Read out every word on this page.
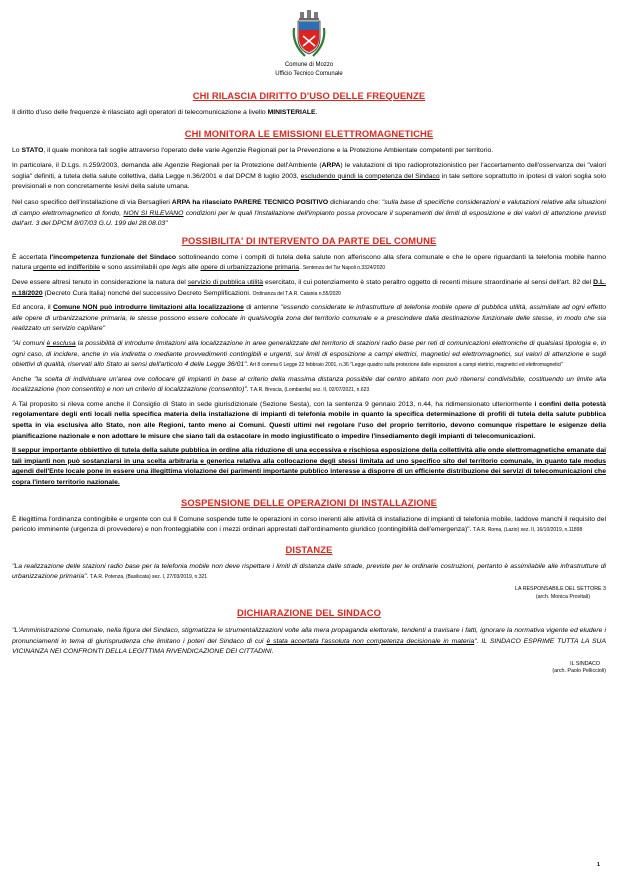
Comune di Mozzo
Ufficio Tecnico Comunale
CHI RILASCIA DIRITTO D'USO DELLE FREQUENZE

Il diritto d'uso delle frequenze è rilasciato agli operatori di telecomunicazione a livello MINISTERIALE.

CHI MONITORA LE EMISSIONI ELETTROMAGNETICHE

Lo STATO, il quale monitora tali soglie attraverso l'operato delle varie Agenzie Regionali per la Prevenzione e la Protezione Ambientale competenti per territorio.

In particolare, il D.Lgs. n.259/2003, demanda alle Agenzie Regionali per la Protezione dell'Ambiente (ARPA) le valutazioni di tipo radioprotezionistico per l'accertamento dell'osservanza dei "valori soglia" definiti, a tutela della salute collettiva, dalla Legge n.36/2001 e dal DPCM 8 luglio 2003, escludendo quindi la competenza del Sindaco in tale settore soprattutto in ipotesi di valori soglia solo previsionali e non concretamente lesivi della salute umana.

Nel caso specifico dell'installazione di via Bersaglieri ARPA ha rilasciato PARERE TECNICO POSITIVO dichiarando che: "sulla base di specifiche considerazioni e valutazioni relative alla situazioni di campo elettromagnetico di fondo, NON SI RILEVANO condizioni per le quali l'installazione dell'impianto possa provocare il superamenti dei limiti di esposizione e dei valori di attenzione previsti dall'art. 3 del DPCM 8/07/03 G.U. 199 del 28.08.03"

POSSIBILITA' DI INTERVENTO DA PARTE DEL COMUNE

È accertata l'incompetenza funzionale del Sindaco sottolineando come i compiti di tutela della salute non afferiscono alla sfera comunale e che le opere riguardanti la telefonia mobile hanno natura urgente ed indifferibile e sono assimilabili ope legis alle opere di urbanizzazione primaria. Sentenza del Tar Napoli n.3324/2020

Deve essere altresì tenuto in considerazione la natura del servizio di pubblica utilità esercitato, il cui potenziamento è stato peraltro oggetto di recenti misure straordinarie al sensi dell'art. 82 del D.L. n.18/2020 (Decreto Cura Italia) nonché del successivo Decreto Semplificazioni. Ordinanza del T.A.R. Catania n.55/2020

Ed ancora, il Comune NON può introdurre limitazioni alla localizzazione di antenne "essendo considerate le infrastrutture di telefonia mobile opere di pubblica utilità, assimilate ad ogni effetto alle opere di urbanizzazione primaria, le stesse possono essere collocate in qualsivoglia zona del territorio comunale e a prescindere dalla destinazione funzionale delle stesse, in modo che sia realizzato un servizio capillare"

"Ai comuni è esclusa la possibilità di introdurre limitazioni alla localizzazione in aree generalizzate del territorio di stazioni radio base per reti di comunicazioni elettroniche di qualsiasi tipologia e, in ogni caso, di incidere, anche in via indiretta o mediante provvedimenti contingibili e urgenti, sui limiti di esposizione a campi elettrici, magnetici ed elettromagnetici, sui valori di attenzione e sugli obiettivi di qualità, riservati allo Stato ai sensi dell'articolo 4 delle Legge 36/01". Art 8 comma 6 Legge 22 febbraio 2001, n.36 "Legge quadro sulla protezione dalle esposizioni a campi elettrici, magnetici ed elettromagnetici"

Anche "la scelta di individuare un'area ove collocare gli impianti in base al criterio della massima distanza possibile dal centro abitato non può ritenersi condivisibile, costituendo un limite alla localizzazione (non consentito) e non un criterio di localizzazione (consentito)". T.A.R. Brescia, (Lombardia) sez. II, 02/07/2021, n.623

A Tal proposito si rileva come anche il Consiglio di Stato in sede giurisdizionale (Sezione Sesta), con la sentenza 9 gennaio 2013, n.44, ha ridimensionato ulteriormente i confini della potestà regolamentare degli enti locali nella specifica materia della installazione di impianti di telefonia mobile in quanto la specifica determinazione di profili di tutela della salute pubblica spetta in via esclusiva allo Stato, non alle Regioni, tanto meno ai Comuni. Questi ultimi nel regolare l'uso del proprio territorio, devono comunque rispettare le esigenze della pianificazione nazionale e non adottare le misure che siano tali da ostacolare in modo ingiustificato o impedire l'insediamento degli impianti di telecomunicazioni.

Il seppur importante obbiettivo di tutela della salute pubblica in ordine alla riduzione di una eccessiva e rischiosa esposizione della collettività alle onde elettromagnetiche emanate dai tali impianti non può sostanziarsi in una scelta arbitraria e generica relativa alla collocazione degli stessi limitata ad uno specifico sito del territorio comunale, in quanto tale modus agendi dell'Ente locale pone in essere una illegittima violazione dei parimenti importante pubblico interesse a disporre di un efficiente distribuzione dei servizi di telecomunicazioni che copra l'intero territorio nazionale.

SOSPENSIONE DELLE OPERAZIONI DI INSTALLAZIONE

È illegittima l'ordinanza contingibile e urgente con cui Il Comune sospende tutte le operazioni in corso inerenti alle attività di installazione di impianti di telefonia mobile, laddove manchi il requisito del pericolo imminente (urgenza di provvedere) e non fronteggiabile con i mezzi ordinari apprestati dall'ordinamento giuridico (contingibilità dell'emergenza)". T.A.R. Roma, (Lazio) sez. II, 16/10/2019, n.11898

DISTANZE

"La realizzazione delle stazioni radio base per la telefonia mobile non deve rispettare i limiti di distanza dalle strade, previste per le ordinarie costruzioni, pertanto è assimilabile alle infrastrutture di urbanizzazione primaria". T.A.R. Potenza, (Basilicata) sez. I, 27/03/2019, n.321

LA RESPONSABILE DEL SETTORE 3
(arch. Monica Provitali)
DICHIARAZIONE DEL SINDACO

"L'Amministrazione Comunale, nella figura del Sindaco, stigmatizza le strumentalizzazioni volte alla mera propaganda elettorale, tendenti a travisare i fatti, ignorare la normativa vigente ed eludere i pronunciamenti in tema di giurisprudenza che limitano i poteri del Sindaco di cui è stata accertata l'assoluta non competenza decisionale in materia". IL SINDACO ESPRIME TUTTA LA SUA VICINANZA NEI CONFRONTI DELLA LEGITTIMA RIVENDICAZIONE DEI CITTADINI.

IL SINDACO
(arch. Paolo Pelliccioli)
1
